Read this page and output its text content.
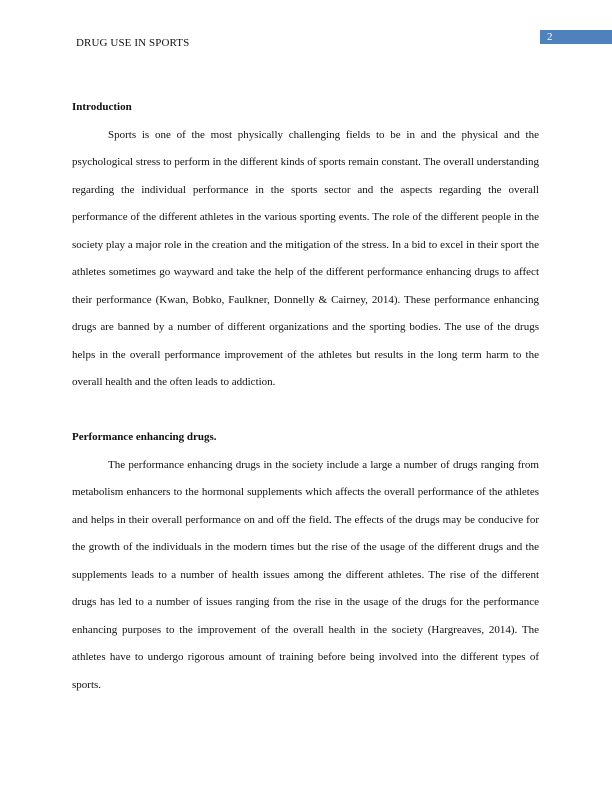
DRUG USE IN SPORTS	2
Introduction

Sports is one of the most physically challenging fields to be in and the physical and the psychological stress to perform in the different kinds of sports remain constant. The overall understanding regarding the individual performance in the sports sector and the aspects regarding the overall performance of the different athletes in the various sporting events. The role of the different people in the society play a major role in the creation and the mitigation of the stress. In a bid to excel in their sport the athletes sometimes go wayward and take the help of the different performance enhancing drugs to affect their performance (Kwan, Bobko, Faulkner, Donnelly & Cairney, 2014). These performance enhancing drugs are banned by a number of different organizations and the sporting bodies. The use of the drugs helps in the overall performance improvement of the athletes but results in the long term harm to the overall health and the often leads to addiction.

Performance enhancing drugs.

The performance enhancing drugs in the society include a large a number of drugs ranging from metabolism enhancers to the hormonal supplements which affects the overall performance of the athletes and helps in their overall performance on and off the field. The effects of the drugs may be conducive for the growth of the individuals in the modern times but the rise of the usage of the different drugs and the supplements leads to a number of health issues among the different athletes. The rise of the different drugs has led to a number of issues ranging from the rise in the usage of the drugs for the performance enhancing purposes to the improvement of the overall health in the society (Hargreaves, 2014). The athletes have to undergo rigorous amount of training before being involved into the different types of sports.
